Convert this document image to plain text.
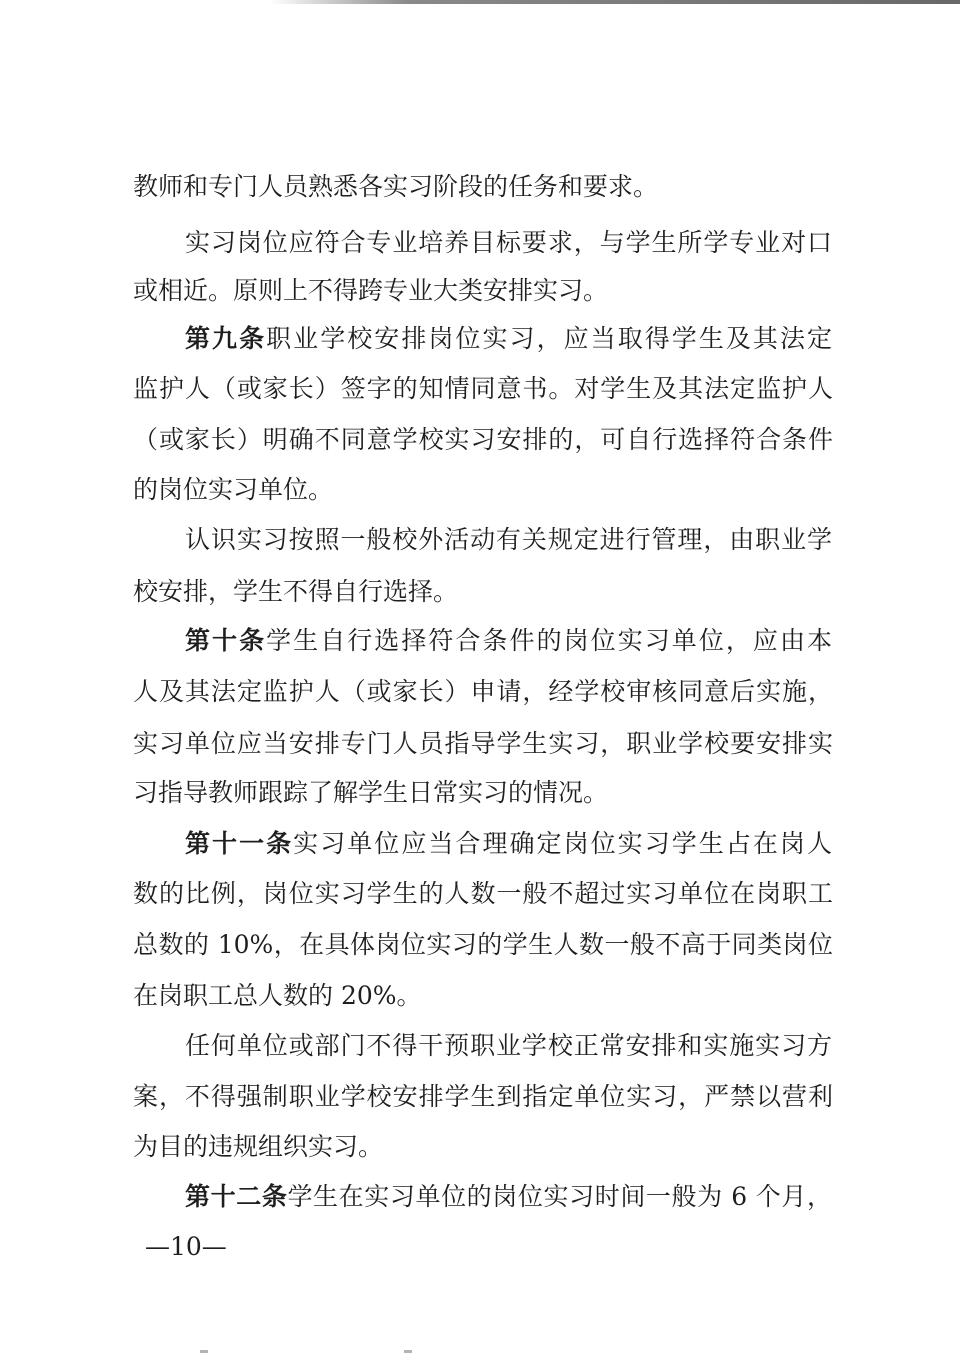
教师和专门人员熟悉各实习阶段的任务和要求。
实习岗位应符合专业培养目标要求，与学生所学专业对口
或相近。原则上不得跨专业大类安排实习。
第九条职业学校安排岗位实习，应当取得学生及其法定
监护人（或家长）签字的知情同意书。对学生及其法定监护人
（或家长）明确不同意学校实习安排的，可自行选择符合条件
的岗位实习单位。
认识实习按照一般校外活动有关规定进行管理，由职业学
校安排，学生不得自行选择。
第十条学生自行选择符合条件的岗位实习单位，应由本
人及其法定监护人（或家长）申请，经学校审核同意后实施，
实习单位应当安排专门人员指导学生实习，职业学校要安排实
习指导教师跟踪了解学生日常实习的情况。
第十一条实习单位应当合理确定岗位实习学生占在岗人
数的比例，岗位实习学生的人数一般不超过实习单位在岗职工
总数的 10%，在具体岗位实习的学生人数一般不高于同类岗位
在岗职工总人数的 20%。
任何单位或部门不得干预职业学校正常安排和实施实习方
案，不得强制职业学校安排学生到指定单位实习，严禁以营利
为目的违规组织实习。
第十二条学生在实习单位的岗位实习时间一般为 6 个月，
—10—
